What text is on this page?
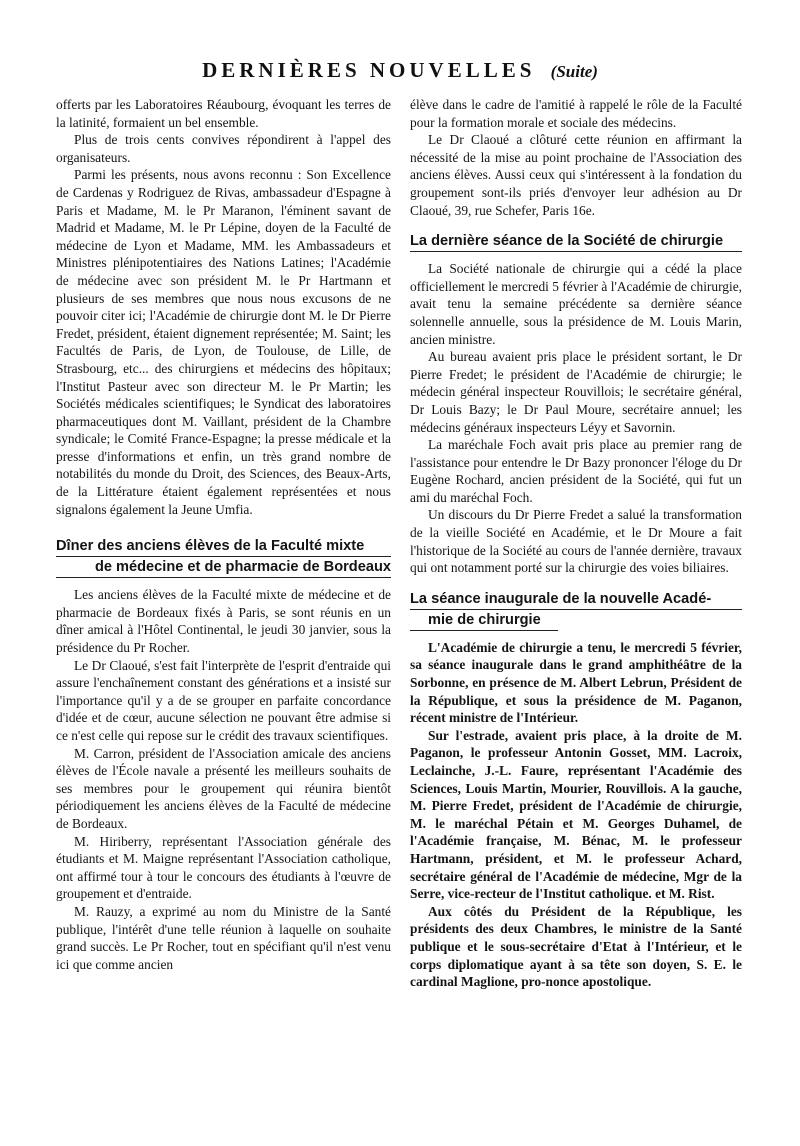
DERNIÈRES NOUVELLES (Suite)

offerts par les Laboratoires Réaubourg, évoquant les terres de la latinité, formaient un bel ensemble.

Plus de trois cents convives répondirent à l'appel des organisateurs.

Parmi les présents, nous avons reconnu : Son Excellence de Cardenas y Rodriguez de Rivas, ambassadeur d'Espagne à Paris et Madame, M. le Pr Maranon, l'éminent savant de Madrid et Madame, M. le Pr Lépine, doyen de la Faculté de médecine de Lyon et Madame, MM. les Ambassadeurs et Ministres plénipotentiaires des Nations Latines; l'Académie de médecine avec son président M. le Pr Hartmann et plusieurs de ses membres que nous nous excusons de ne pouvoir citer ici; l'Académie de chirurgie dont M. le Dr Pierre Fredet, président, étaient dignement représentée; M. Saint; les Facultés de Paris, de Lyon, de Toulouse, de Lille, de Strasbourg, etc... des chirurgiens et médecins des hôpitaux; l'Institut Pasteur avec son directeur M. le Pr Martin; les Sociétés médicales scientifiques; le Syndicat des laboratoires pharmaceutiques dont M. Vaillant, président de la Chambre syndicale; le Comité France-Espagne; la presse médicale et la presse d'informations et enfin, un très grand nombre de notabilités du monde du Droit, des Sciences, des Beaux-Arts, de la Littérature étaient également représentées et nous signalons également la Jeune Umfia.

Dîner des anciens élèves de la Faculté mixte
de médecine et de pharmacie de Bordeaux

Les anciens élèves de la Faculté mixte de médecine et de pharmacie de Bordeaux fixés à Paris, se sont réunis en un dîner amical à l'Hôtel Continental, le jeudi 30 janvier, sous la présidence du Pr Rocher.

Le Dr Claoué, s'est fait l'interprète de l'esprit d'entraide qui assure l'enchaînement constant des générations et a insisté sur l'importance qu'il y a de se grouper en parfaite concordance d'idée et de cœur, aucune sélection ne pouvant être admise si ce n'est celle qui repose sur le crédit des travaux scientifiques.

M. Carron, président de l'Association amicale des anciens élèves de l'École navale a présenté les meilleurs souhaits de ses membres pour le groupement qui réunira bientôt périodiquement les anciens élèves de la Faculté de médecine de Bordeaux.

M. Hiriberry, représentant l'Association générale des étudiants et M. Maigne représentant l'Association catholique, ont affirmé tour à tour le concours des étudiants à l'œuvre de groupement et d'entraide.

M. Rauzy, a exprimé au nom du Ministre de la Santé publique, l'intérêt d'une telle réunion à laquelle on souhaite grand succès. Le Pr Rocher, tout en spécifiant qu'il n'est venu ici que comme ancien

élève dans le cadre de l'amitié à rappelé le rôle de la Faculté pour la formation morale et sociale des médecins.

Le Dr Claoué a clôturé cette réunion en affirmant la nécessité de la mise au point prochaine de l'Association des anciens élèves. Aussi ceux qui s'intéressent à la fondation du groupement sont-ils priés d'envoyer leur adhésion au Dr Claoué, 39, rue Schefer, Paris 16e.

La dernière séance de la Société de chirurgie

La Société nationale de chirurgie qui a cédé la place officiellement le mercredi 5 février à l'Académie de chirurgie, avait tenu la semaine précédente sa dernière séance solennelle annuelle, sous la présidence de M. Louis Marin, ancien ministre.

Au bureau avaient pris place le président sortant, le Dr Pierre Fredet; le président de l'Académie de chirurgie; le médecin général inspecteur Rouvillois; le secrétaire général, Dr Louis Bazy; le Dr Paul Moure, secrétaire annuel; les médecins généraux inspecteurs Léyy et Savornin.

La maréchale Foch avait pris place au premier rang de l'assistance pour entendre le Dr Bazy prononcer l'éloge du Dr Eugène Rochard, ancien président de la Société, qui fut un ami du maréchal Foch.

Un discours du Dr Pierre Fredet a salué la transformation de la vieille Société en Académie, et le Dr Moure a fait l'historique de la Société au cours de l'année dernière, travaux qui ont notamment porté sur la chirurgie des voies biliaires.

La séance inaugurale de la nouvelle Acadé-
mie de chirurgie

L'Académie de chirurgie a tenu, le mercredi 5 février, sa séance inaugurale dans le grand amphithéâtre de la Sorbonne, en présence de M. Albert Lebrun, Président de la République, et sous la présidence de M. Paganon, récent ministre de l'Intérieur.

Sur l'estrade, avaient pris place, à la droite de M. Paganon, le professeur Antonin Gosset, MM. Lacroix, Leclainche, J.-L. Faure, représentant l'Académie des Sciences, Louis Martin, Mourier, Rouvillois. A la gauche, M. Pierre Fredet, président de l'Académie de chirurgie, M. le maréchal Pétain et M. Georges Duhamel, de l'Académie française, M. Bénac, M. le professeur Hartmann, président, et M. le professeur Achard, secrétaire général de l'Académie de médecine, Mgr de la Serre, vice-recteur de l'Institut catholique. et M. Rist.

Aux côtés du Président de la République, les présidents des deux Chambres, le ministre de la Santé publique et le sous-secrétaire d'Etat à l'Intérieur, et le corps diplomatique ayant à sa tête son doyen, S. E. le cardinal Maglione, pro-nonce apostolique.
